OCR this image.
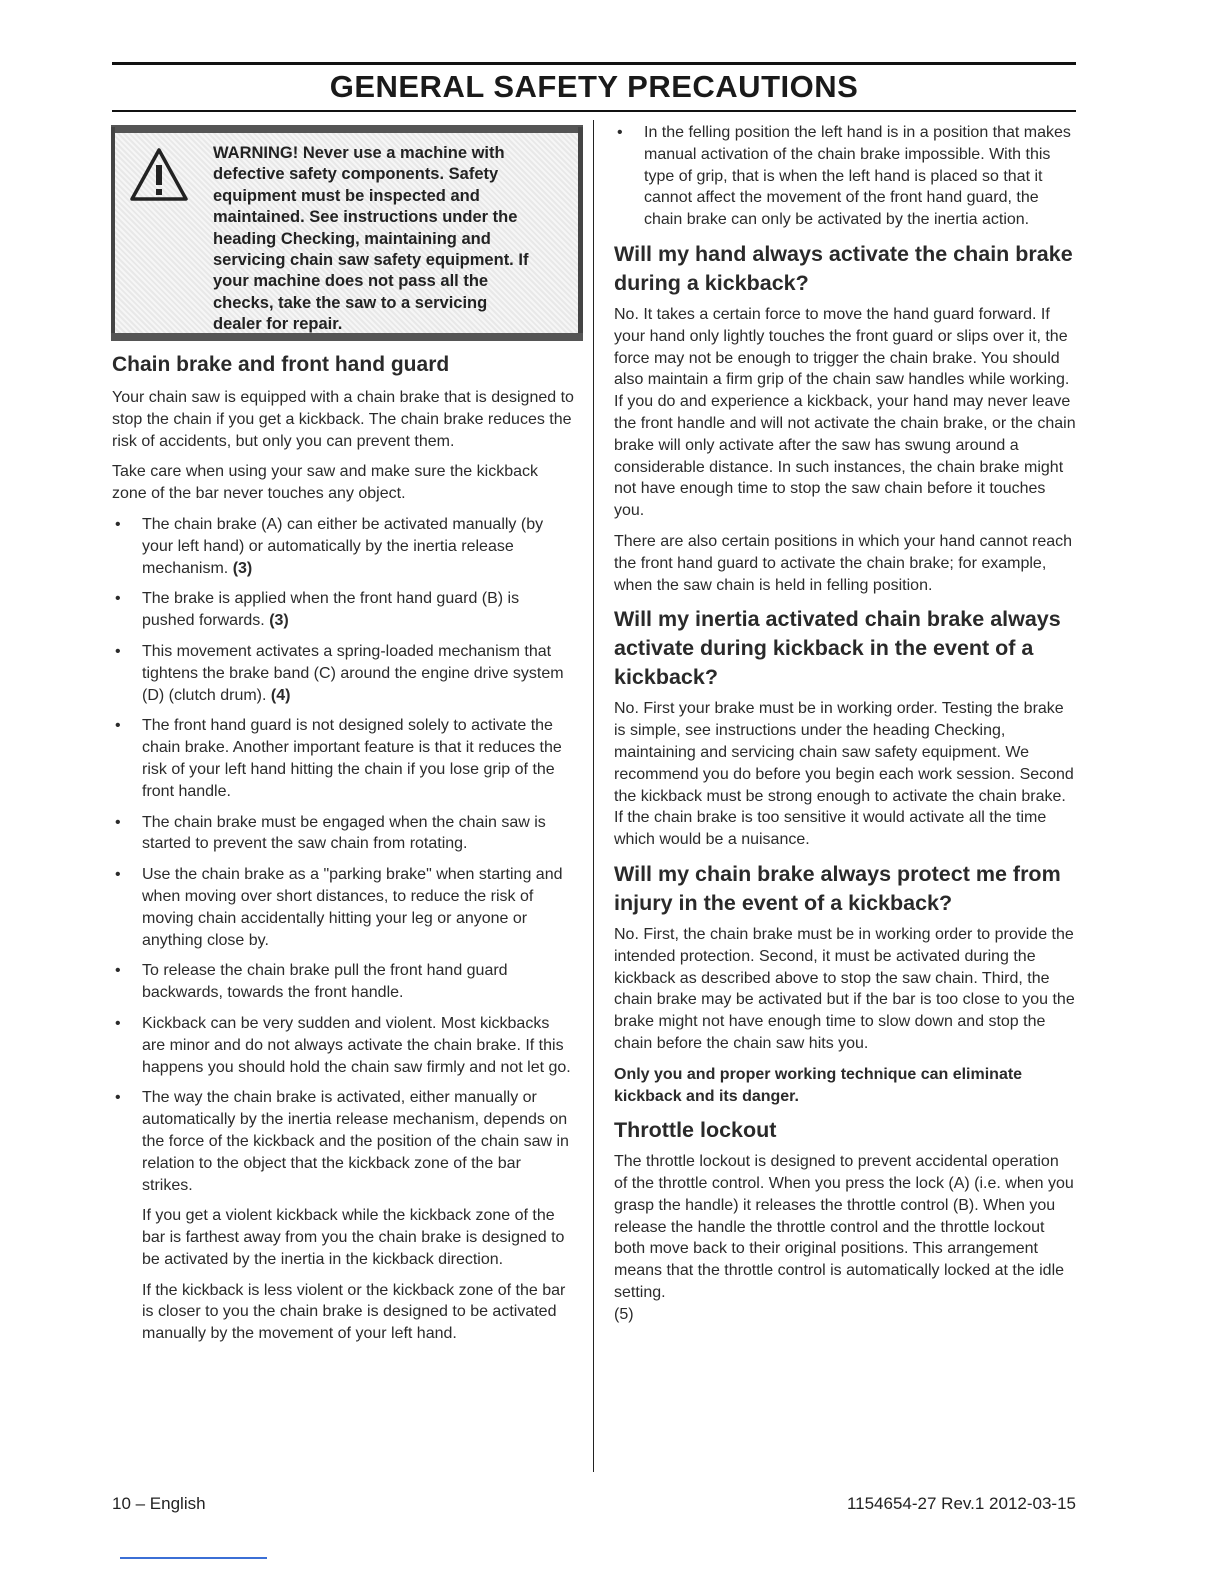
GENERAL SAFETY PRECAUTIONS
WARNING! Never use a machine with
defective safety components. Safety
equipment must be inspected and
maintained. See instructions under the
heading Checking, maintaining and
servicing chain saw safety equipment. If
your machine does not pass all the
checks, take the saw to a servicing
dealer for repair.
Chain brake and front hand guard

Your chain saw is equipped with a chain brake that is designed to stop the chain if you get a kickback. The chain brake reduces the risk of accidents, but only you can prevent them.

Take care when using your saw and make sure the kickback zone of the bar never touches any object.

• The chain brake (A) can either be activated manually (by your left hand) or automatically by the inertia release mechanism. (3)
• The brake is applied when the front hand guard (B) is pushed forwards. (3)
• This movement activates a spring-loaded mechanism that tightens the brake band (C) around the engine drive system (D) (clutch drum). (4)
• The front hand guard is not designed solely to activate the chain brake. Another important feature is that it reduces the risk of your left hand hitting the chain if you lose grip of the front handle.
• The chain brake must be engaged when the chain saw is started to prevent the saw chain from rotating.
• Use the chain brake as a "parking brake" when starting and when moving over short distances, to reduce the risk of moving chain accidentally hitting your leg or anyone or anything close by.
• To release the chain brake pull the front hand guard backwards, towards the front handle.
• Kickback can be very sudden and violent. Most kickbacks are minor and do not always activate the chain brake. If this happens you should hold the chain saw firmly and not let go.
• The way the chain brake is activated, either manually or automatically by the inertia release mechanism, depends on the force of the kickback and the position of the chain saw in relation to the object that the kickback zone of the bar strikes.

If you get a violent kickback while the kickback zone of the bar is farthest away from you the chain brake is designed to be activated by the inertia in the kickback direction.

If the kickback is less violent or the kickback zone of the bar is closer to you the chain brake is designed to be activated manually by the movement of your left hand.

• In the felling position the left hand is in a position that makes manual activation of the chain brake impossible. With this type of grip, that is when the left hand is placed so that it cannot affect the movement of the front hand guard, the chain brake can only be activated by the inertia action.
Will my hand always activate the chain brake during a kickback?

No. It takes a certain force to move the hand guard forward. If your hand only lightly touches the front guard or slips over it, the force may not be enough to trigger the chain brake. You should also maintain a firm grip of the chain saw handles while working. If you do and experience a kickback, your hand may never leave the front handle and will not activate the chain brake, or the chain brake will only activate after the saw has swung around a considerable distance. In such instances, the chain brake might not have enough time to stop the saw chain before it touches you.

There are also certain positions in which your hand cannot reach the front hand guard to activate the chain brake; for example, when the saw chain is held in felling position.

Will my inertia activated chain brake always activate during kickback in the event of a kickback?

No. First your brake must be in working order. Testing the brake is simple, see instructions under the heading Checking, maintaining and servicing chain saw safety equipment. We recommend you do before you begin each work session. Second the kickback must be strong enough to activate the chain brake. If the chain brake is too sensitive it would activate all the time which would be a nuisance.

Will my chain brake always protect me from injury in the event of a kickback?

No. First, the chain brake must be in working order to provide the intended protection. Second, it must be activated during the kickback as described above to stop the saw chain. Third, the chain brake may be activated but if the bar is too close to you the brake might not have enough time to slow down and stop the chain before the chain saw hits you.

Only you and proper working technique can eliminate kickback and its danger.

Throttle lockout

The throttle lockout is designed to prevent accidental operation of the throttle control. When you press the lock (A) (i.e. when you grasp the handle) it releases the throttle control (B). When you release the handle the throttle control and the throttle lockout both move back to their original positions. This arrangement means that the throttle control is automatically locked at the idle setting.
(5)

10 – English	1154654-27 Rev.1 2012-03-15
